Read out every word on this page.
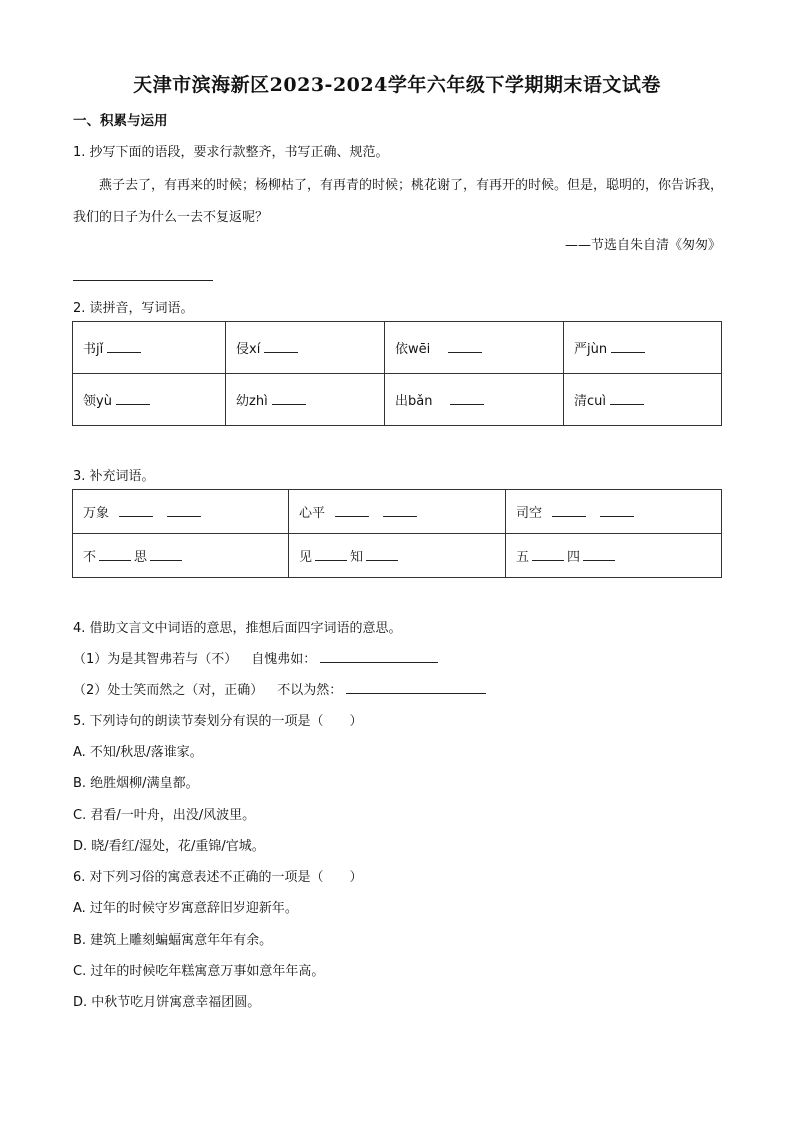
天津市滨海新区2023-2024学年六年级下学期期末语文试卷
一、积累与运用
1. 抄写下面的语段，要求行款整齐，书写正确、规范。
燕子去了，有再来的时候；杨柳枯了，有再青的时候；桃花谢了，有再开的时候。但是，聪明的，你告诉我，我们的日子为什么一去不复返呢？
——节选自朱自清《匆匆》
2. 读拼音，写词语。
书jǐ	侵xí	依wēi	严jùn
领yù	幼zhì	出bǎn	清cuì
3. 补充词语。
万象	心平	司空
不 思	见 知	五 四
4. 借助文言文中词语的意思，推想后面四字词语的意思。
（1）为是其智弗若与（不） 自愧弗如：
（2）处士笑而然之（对，正确） 不以为然：
5. 下列诗句的朗读节奏划分有误的一项是（　　）
A. 不知/秋思/落谁家。
B. 绝胜烟柳/满皇都。
C. 君看/一叶舟，出没/风波里。
D. 晓/看红/湿处，花/重锦/官城。
6. 对下列习俗的寓意表述不正确的一项是（　　）
A. 过年的时候守岁寓意辞旧岁迎新年。
B. 建筑上雕刻蝙蝠寓意年年有余。
C. 过年的时候吃年糕寓意万事如意年年高。
D. 中秋节吃月饼寓意幸福团圆。
